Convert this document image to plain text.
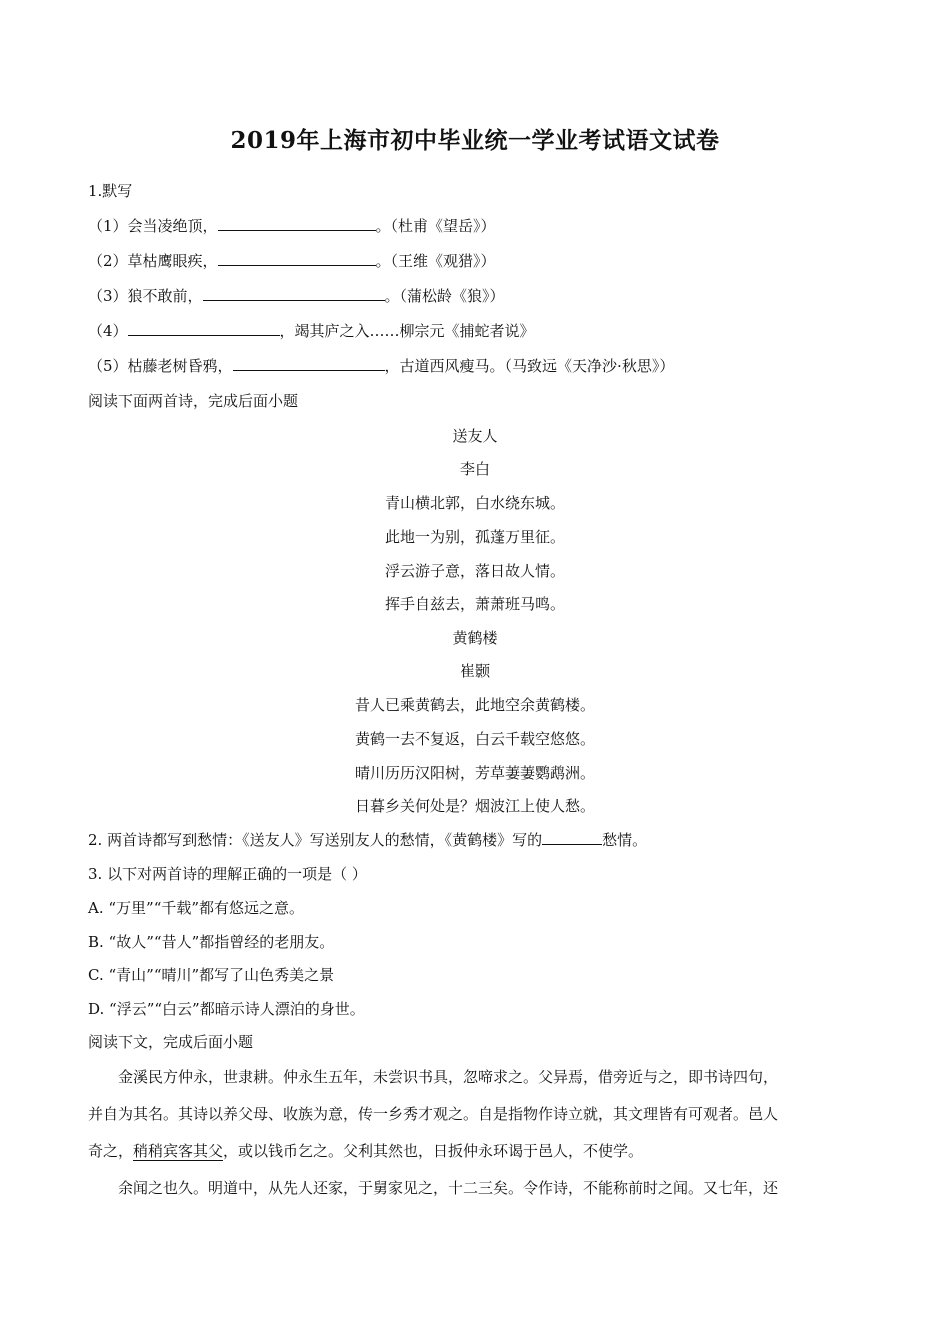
2019年上海市初中毕业统一学业考试语文试卷
1.默写
（1）会当凌绝顶，	。（杜甫《望岳》）
（2）草枯鹰眼疾，	。（王维《观猎》）
（3）狼不敢前，	。（蒲松龄《狼》）
（4）	，竭其庐之入……柳宗元《捕蛇者说》
（5）枯藤老树昏鸦，	，古道西风瘦马。（马致远《天净沙·秋思》）
阅读下面两首诗，完成后面小题
送友人
李白
青山横北郭，白水绕东城。
此地一为别，孤蓬万里征。
浮云游子意，落日故人情。
挥手自兹去，萧萧班马鸣。
黄鹤楼
崔颢
昔人已乘黄鹤去，此地空余黄鹤楼。
黄鹤一去不复返，白云千载空悠悠。
晴川历历汉阳树，芳草萋萋鹦鹉洲。
日暮乡关何处是？烟波江上使人愁。
2. 两首诗都写到愁情：《送友人》写送别友人的愁情，《黄鹤楼》写的	愁情。
3. 以下对两首诗的理解正确的一项是（ ）
A. “万里”“千载”都有悠远之意。
B. “故人”“昔人”都指曾经的老朋友。
C. “青山”“晴川”都写了山色秀美之景
D. “浮云”“白云”都暗示诗人漂泊的身世。
阅读下文，完成后面小题
金溪民方仲永，世隶耕。仲永生五年，未尝识书具，忽啼求之。父异焉，借旁近与之，即书诗四句，
并自为其名。其诗以养父母、收族为意，传一乡秀才观之。自是指物作诗立就，其文理皆有可观者。邑人
奇之，稍稍宾客其父，或以钱币乞之。父利其然也，日扳仲永环谒于邑人，不使学。
余闻之也久。明道中，从先人还家，于舅家见之，十二三矣。令作诗，不能称前时之闻。又七年，还
